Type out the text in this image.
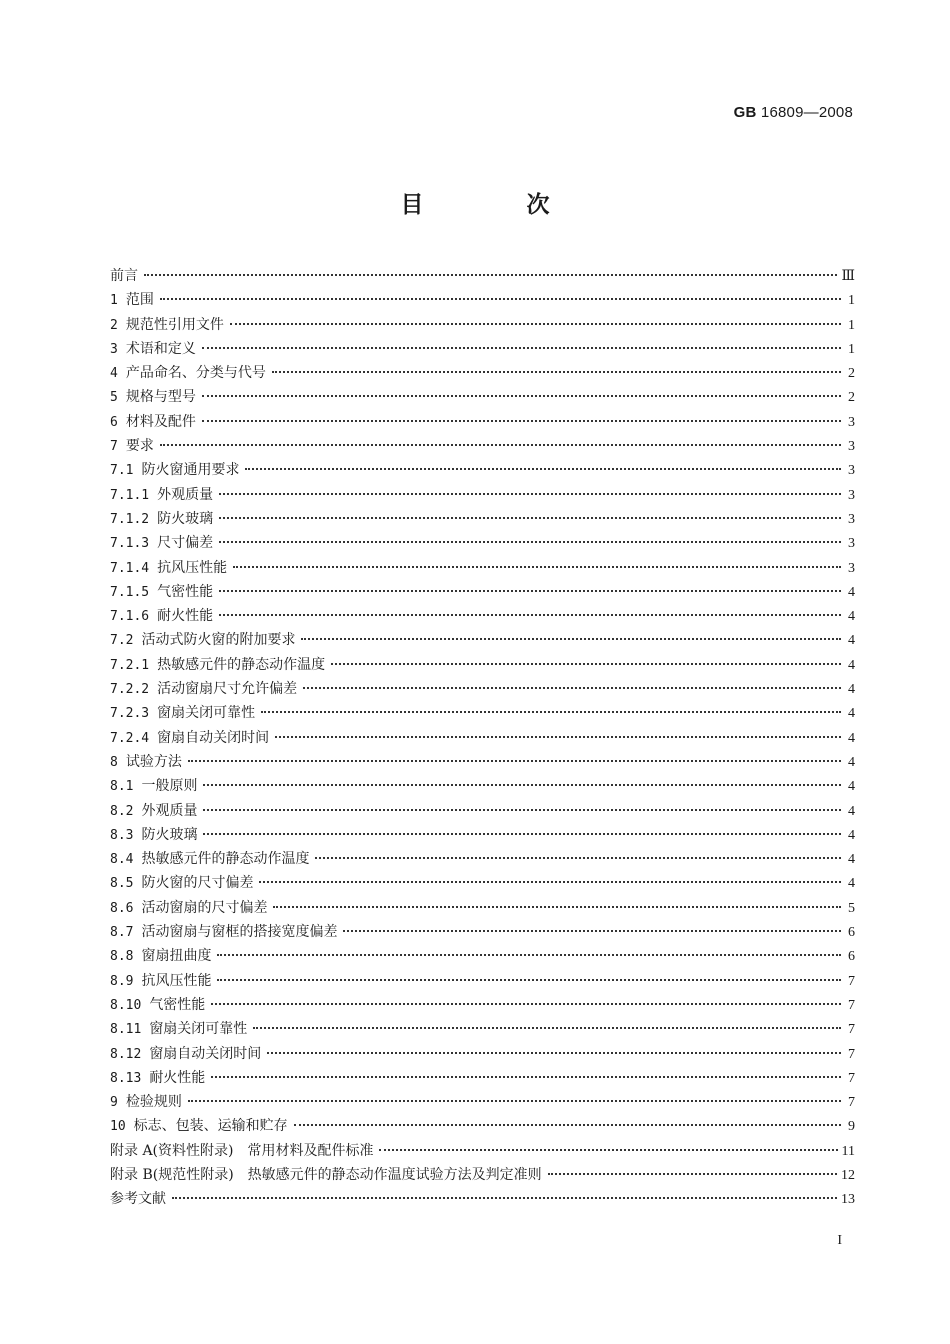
GB 16809—2008
目　次
前言	Ⅲ
1 范围	1
2 规范性引用文件	1
3 术语和定义	1
4 产品命名、分类与代号	2
5 规格与型号	2
6 材料及配件	3
7 要求	3
7.1 防火窗通用要求	3
7.1.1 外观质量	3
7.1.2 防火玻璃	3
7.1.3 尺寸偏差	3
7.1.4 抗风压性能	3
7.1.5 气密性能	4
7.1.6 耐火性能	4
7.2 活动式防火窗的附加要求	4
7.2.1 热敏感元件的静态动作温度	4
7.2.2 活动窗扇尺寸允许偏差	4
7.2.3 窗扇关闭可靠性	4
7.2.4 窗扇自动关闭时间	4
8 试验方法	4
8.1 一般原则	4
8.2 外观质量	4
8.3 防火玻璃	4
8.4 热敏感元件的静态动作温度	4
8.5 防火窗的尺寸偏差	4
8.6 活动窗扇的尺寸偏差	5
8.7 活动窗扇与窗框的搭接宽度偏差	6
8.8 窗扇扭曲度	6
8.9 抗风压性能	7
8.10 气密性能	7
8.11 窗扇关闭可靠性	7
8.12 窗扇自动关闭时间	7
8.13 耐火性能	7
9 检验规则	7
10 标志、包装、运输和贮存	9
附录 A(资料性附录)　常用材料及配件标准	11
附录 B(规范性附录)　热敏感元件的静态动作温度试验方法及判定准则	12
参考文献	13
I
